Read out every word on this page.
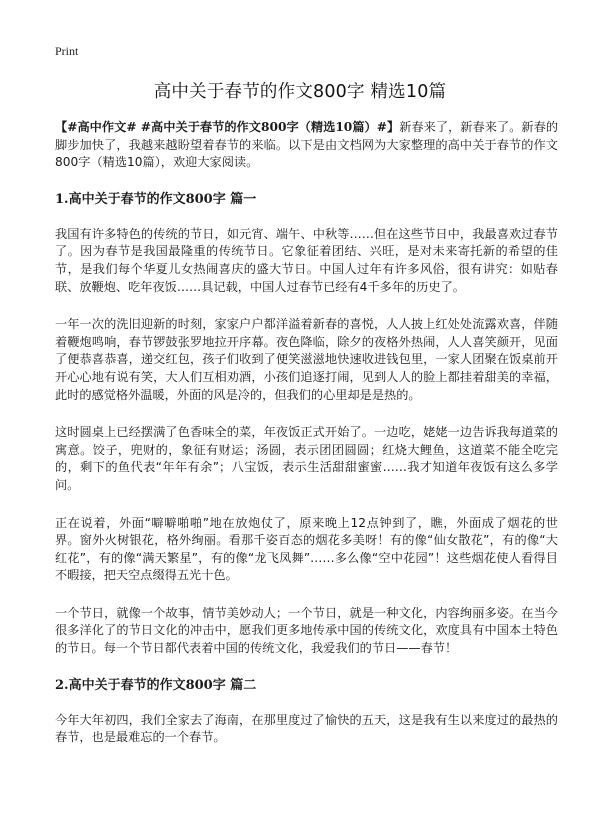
Print
高中关于春节的作文800字 精选10篇

【#高中作文# #高中关于春节的作文800字（精选10篇）#】新春来了，新春来了。新春的脚步加快了，我越来越盼望着春节的来临。以下是由文档网为大家整理的高中关于春节的作文800字（精选10篇），欢迎大家阅读。

1.高中关于春节的作文800字 篇一

我国有许多特色的传统的节日，如元宵、端午、中秋等……但在这些节日中，我最喜欢过春节了。因为春节是我国最隆重的传统节日。它象征着团结、兴旺，是对未来寄托新的希望的佳节，是我们每个华夏儿女热闹喜庆的盛大节日。中国人过年有许多风俗，很有讲究：如贴春联、放鞭炮、吃年夜饭……具记载，中国人过春节已经有4千多年的历史了。

一年一次的洗旧迎新的时刻，家家户户都洋溢着新春的喜悦，人人披上红处处流露欢喜，伴随着鞭炮鸣响，春节锣鼓张罗地拉开序幕。夜色降临，除夕的夜格外热闹，人人喜笑颜开，见面了便恭喜恭喜，递交红包，孩子们收到了便笑滋滋地快速收进钱包里，一家人团聚在饭桌前开开心心地有说有笑，大人们互相劝酒，小孩们追逐打闹，见到人人的脸上都挂着甜美的幸福，此时的感觉格外温暖，外面的风是冷的，但我们的心里却是是热的。

这时圆桌上已经摆满了色香味全的菜，年夜饭正式开始了。一边吃，姥姥一边告诉我每道菜的寓意。饺子，兜财的，象征有财运；汤圆，表示团团圆圆；红烧大鲤鱼，这道菜不能全吃完的，剩下的鱼代表“年年有余”；八宝饭，表示生活甜甜蜜蜜……我才知道年夜饭有这么多学问。

正在说着，外面“噼噼啪啪”地在放炮仗了，原来晚上12点钟到了，瞧，外面成了烟花的世界。窗外火树银花，格外绚丽。看那千姿百态的烟花多美呀！有的像“仙女散花”，有的像“大红花”，有的像“满天繁星”，有的像“龙飞凤舞”……多么像“空中花园”！这些烟花使人看得目不暇接，把天空点缀得五光十色。

一个节日，就像一个故事，情节美妙动人；一个节日，就是一种文化，内容绚丽多姿。在当今很多洋化了的节日文化的冲击中，愿我们更多地传承中国的传统文化，欢度具有中国本土特色的节日。每一个节日都代表着中国的传统文化，我爱我们的节日——春节！

2.高中关于春节的作文800字 篇二

今年大年初四，我们全家去了海南，在那里度过了愉快的五天，这是我有生以来度过的最热的春节，也是最难忘的一个春节。
